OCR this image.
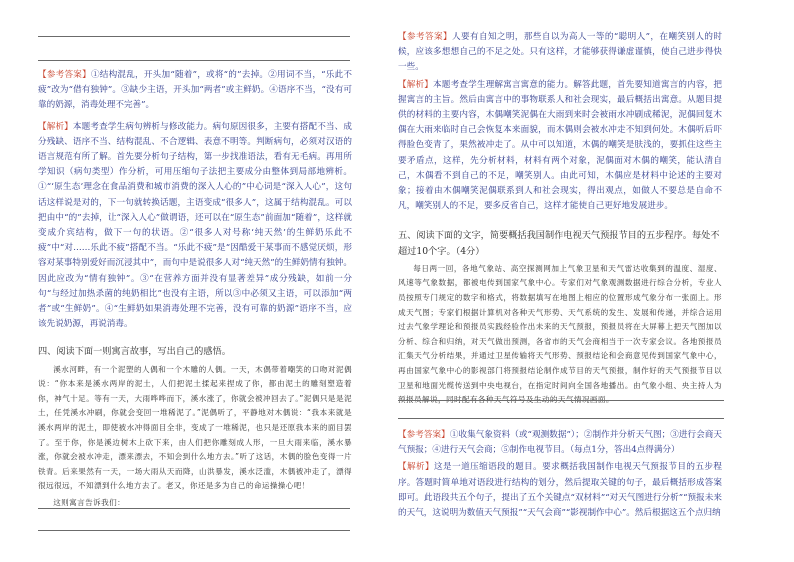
【参考答案】①结构混乱，开头加“随着”，或将“的”去掉。②用词不当，“乐此不疲”改为“借有独钟”。③缺少主语，开头加“两者”或主鲜奶。④语序不当，“没有可靠的奶源，消毒处理不完善”。

【解析】本题考查学生病句辨析与修改能力。病句原因很多，主要有搭配不当、成分残缺、语序不当、结构混乱、不合逻辑、表意不明等。判断病句，必须对汉语的语言规范有所了解。首先要分析句子结构，第一步找准语法，看有无毛病。再用所学知识（病句类型）作分析，可用压缩句子法把主要成分由整体到局部地辨析。①“‘原生态’理念在食品消费和城市消费的深入人心的”中心词是“深入人心”，这句话这样说是对的，下一句就转换话题，主语变成“很多人”，这属于结构混乱。可以把由中“的”去掉，让“深入人心”做谓语，还可以在“原生态”前面加“随着”，这样就变成介宾结构，做下一句的状语。②“很多人对号称‘纯天然’的生鲜奶乐此不疲”中“对……乐此不疲”搭配不当。“乐此不疲”是“因酷爱干某事而不感觉厌烦，形容对某事特别爱好而沉浸其中”，而句中是说很多人对“纯天然”的生鲜奶情有独钟。因此应改为“情有独钟”。③“在营养方面并没有显著差异”成分残缺，如前一分句“与经过加热杀菌的纯奶相比”也没有主语，所以③中必须又主语，可以添加“两者”或“生鲜奶”。④“生鲜奶如果消毒处理不完善，没有可靠的奶源”语序不当，应该先说奶源，再说消毒。

四、阅读下面一则寓言故事，写出自己的感悟。

溪水河畔，有一个泥塑的人偶和一个木雕的人偶。一天，木偶带着嘲笑的口吻对泥偶说：“你本来是溪水两岸的泥土，人们把泥土揉起来捏成了你，都由泥土的雕刻塑造着你，神气十足。等有一天，大雨哗哗而下，溪水涨了，你就会被冲回去了。”泥偶只是是泥土，任凭溪水冲刷，你就会变回一堆稀泥了。”泥偶听了，平静地对木偶说：“我本来就是溪水两岸的泥土，即使被水冲得面目全非，变成了一堆稀泥，也只是还原我本来的面目罢了。至于你，你是溪边树木上砍下来，由人们把你雕刻成人形，一旦大雨来临，溪水暴涨，你就会被水冲走，漂来漂去，不知会到什么地方去。”听了这话，木偶的脸色变得一片铁青。后来果然有一天，一场大雨从天而降，山洪暴发，溪水泛滥，木偶被冲走了，漂得很远很远，不知漂到什么地方去了。老又，你还是多为自己的命运操操心吧！

这则寓言告诉我们：

【参考答案】人要有自知之明，那些自以为高人一等的“聪明人”，在嘲笑别人的时候，应该多想想自己的不足之处。只有这样，才能够获得谦虚谨慎，使自己进步得快一些。

【解析】本题考查学生理解寓言寓意的能力。解答此题，首先要知道寓言的内容，把握寓言的主旨。然后由寓言中的事物联系人和社会现实，最后概括出寓意。从题目提供的材料的主要内容，木偶嘲笑泥偶在大雨到来时会被雨水冲刷成稀泥，泥偶回复木偶在大雨来临时自己会恢复本来面貌，而木偶则会被水冲走不知到何处。木偶听后吓得脸色变青了，果然被冲走了。从中可以知道，木偶的嘲笑是肤浅的，要抓住这些主要矛盾点，这样，先分析材料，材料有两个对象，泥偶面对木偶的嘲笑，能认清自己，木偶看不到自己的不足，嘲笑别人。由此可知，木偶应是材料中论述的主要对象；接着由木偶嘲笑泥偶联系到人和社会现实，得出观点，如做人不要总是自命不凡，嘲笑别人的不足，要多反省自己，这样才能使自己更好地发展进步。

五、阅读下面的文字，简要概括我国制作电视天气预报节目的五步程序。每处不超过10个字。（4分）

每日两一回，各地气象站、高空探测网加上气象卫星和天气雷达收集到的温度、湿度、风速等气象数据，都被电传到国家气象中心。专家们对气象观测数据进行综合分析，专业人员按照专门规定的数字和格式，将数据填写在地图上相应的位置形成气象分布一张面上。形成天气图；专家们根据计算机对各种天气形势、天气系统的发生、发展和传递，并综合运用过去气象学理论和预报员实践经验作出未来的天气预报，预报员将在大屏幕上把天气图加以分析、综合和归纳，对天气做出预测，各省市的天气会商相当于一次专家会议。各地预报员汇集天气分析结果，并通过卫星传输将天气形势、预报结论和会商意见传到国家气象中心，再由国家气象中心的影视部门将预报结论制作成节目的天气预报，制作好的天气预报节目以卫星和地面光缆传送到中央电视台，在指定时间向全国各地播出。由气象小组、央主持人为预报员解说，同时配有各种天气符号及生动的天气情况画面。

【参考答案】①收集气象资料（或“观测数据”）；②制作并分析天气图；③进行会商天气预报；④进行天气会商；⑤制作电视节目。（每点1分，答出4点得满分）

【解析】这是一道压缩语段的题目。要求概括我国制作电视天气预报节目的五步程序。答题时简单地对语段进行结构的划分，然后提取关键的句子，最后概括形成答案即可。此语段共五个句子，提出了五个关键点“双材料”“对天气图进行分析”“预报未来的天气，这说明为数值天气预报”“天气会商”“影视制作中心”。然后根据这五个点归纳
